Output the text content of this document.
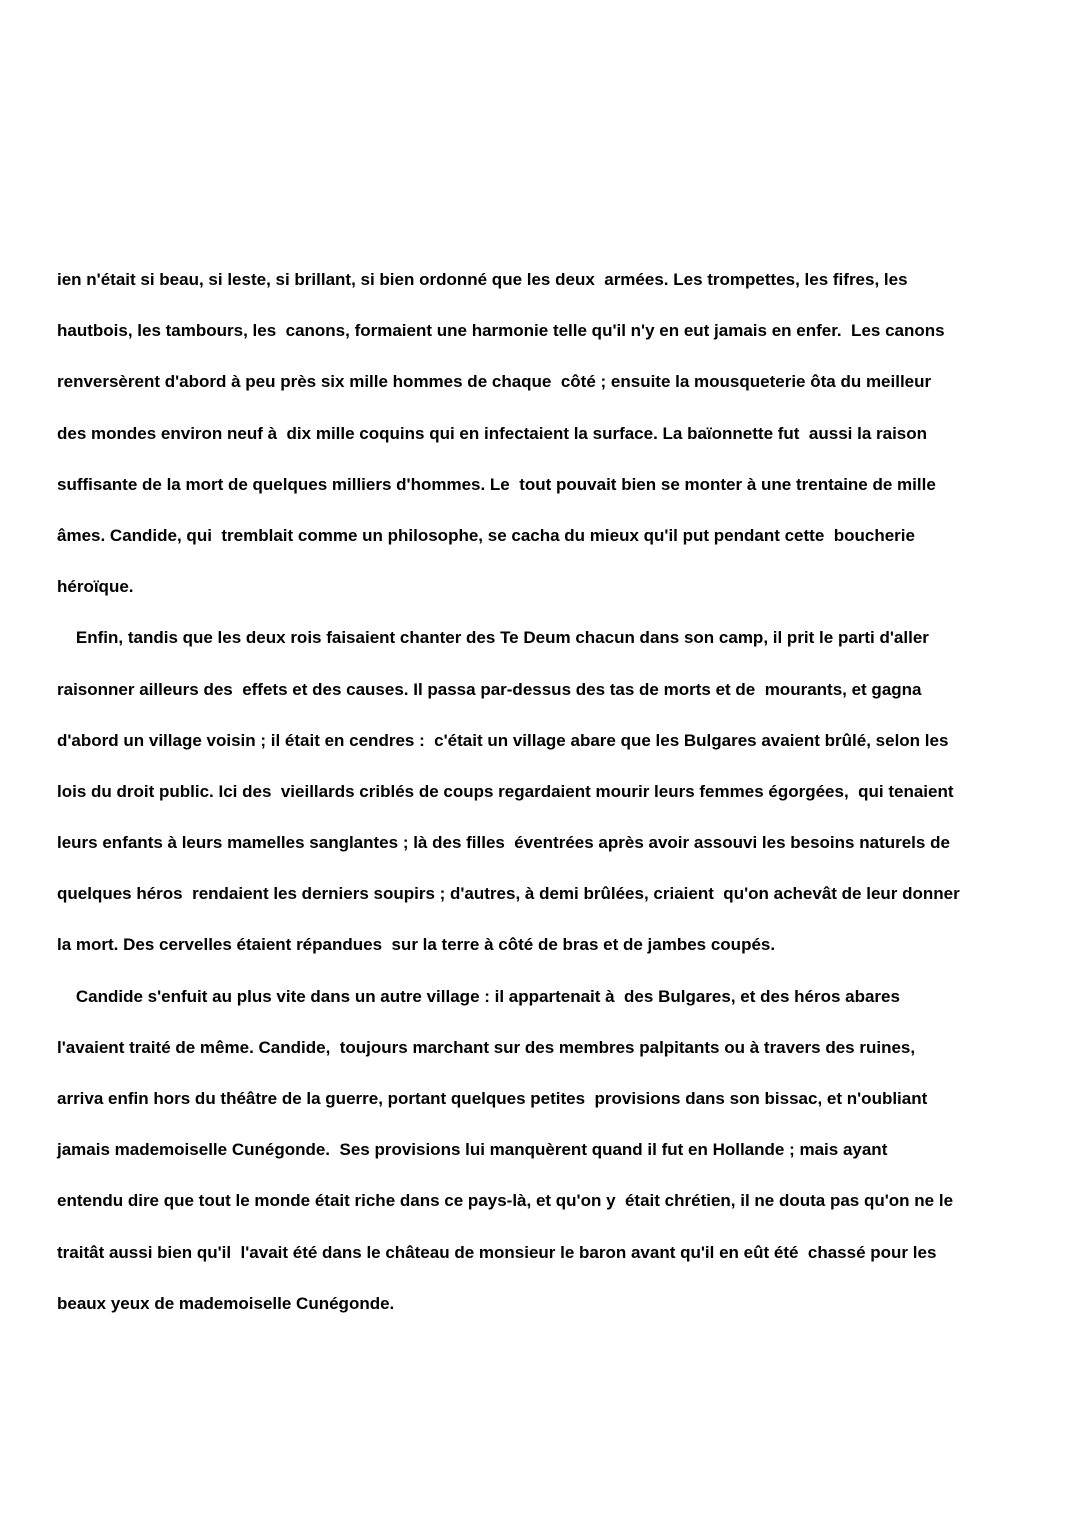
ien n'était si beau, si leste, si brillant, si bien ordonné que les deux  armées. Les trompettes, les fifres, les
hautbois, les tambours, les  canons, formaient une harmonie telle qu'il n'y en eut jamais en enfer.  Les canons
renversèrent d'abord à peu près six mille hommes de chaque  côté ; ensuite la mousqueterie ôta du meilleur
des mondes environ neuf à  dix mille coquins qui en infectaient la surface. La baïonnette fut  aussi la raison
suffisante de la mort de quelques milliers d'hommes. Le  tout pouvait bien se monter à une trentaine de mille
âmes. Candide, qui  tremblait comme un philosophe, se cacha du mieux qu'il put pendant cette  boucherie
héroïque.
Enfin, tandis que les deux rois faisaient chanter des Te Deum chacun dans son camp, il prit le parti d'aller
raisonner ailleurs des  effets et des causes. Il passa par-dessus des tas de morts et de  mourants, et gagna
d'abord un village voisin ; il était en cendres :  c'était un village abare que les Bulgares avaient brûlé, selon les
lois du droit public. Ici des  vieillards criblés de coups regardaient mourir leurs femmes égorgées,  qui tenaient
leurs enfants à leurs mamelles sanglantes ; là des filles  éventrées après avoir assouvi les besoins naturels de
quelques héros  rendaient les derniers soupirs ; d'autres, à demi brûlées, criaient  qu'on achevât de leur donner
la mort. Des cervelles étaient répandues  sur la terre à côté de bras et de jambes coupés.
Candide s'enfuit au plus vite dans un autre village : il appartenait à  des Bulgares, et des héros abares
l'avaient traité de même. Candide,  toujours marchant sur des membres palpitants ou à travers des ruines,
arriva enfin hors du théâtre de la guerre, portant quelques petites  provisions dans son bissac, et n'oubliant
jamais mademoiselle Cunégonde.  Ses provisions lui manquèrent quand il fut en Hollande ; mais ayant
entendu dire que tout le monde était riche dans ce pays-là, et qu'on y  était chrétien, il ne douta pas qu'on ne le
traitât aussi bien qu'il  l'avait été dans le château de monsieur le baron avant qu'il en eût été  chassé pour les
beaux yeux de mademoiselle Cunégonde.
